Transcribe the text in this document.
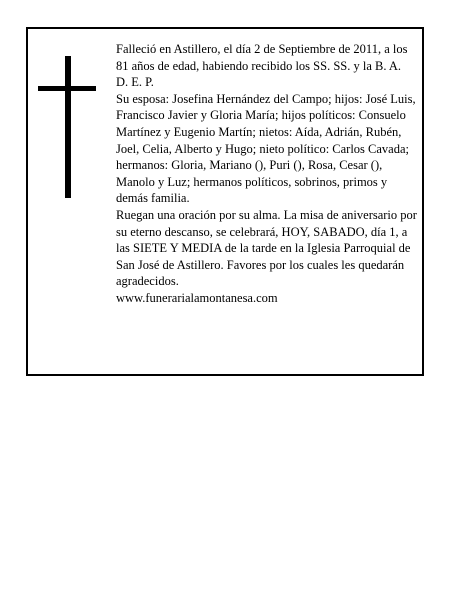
Falleció en Astillero, el día 2 de Septiembre de 2011, a los 81 años de edad, habiendo recibido los SS. SS. y la B. A.

D. E. P.

Su esposa: Josefina Hernández del Campo; hijos: José Luis, Francisco Javier y Gloria María; hijos políticos: Consuelo Martínez y Eugenio Martín; nietos: Aída, Adrián, Rubén, Joel, Celia, Alberto y Hugo; nieto político: Carlos Cavada; hermanos: Gloria, Mariano (), Puri (), Rosa, Cesar (), Manolo y Luz; hermanos políticos, sobrinos, primos y demás familia.

Ruegan una oración por su alma. La misa de aniversario por su eterno descanso, se celebrará, HOY, SABADO, día 1, a las SIETE Y MEDIA de la tarde en la Iglesia Parroquial de San José de Astillero. Favores por los cuales les quedarán agradecidos.

www.funerarialamontanesa.com
